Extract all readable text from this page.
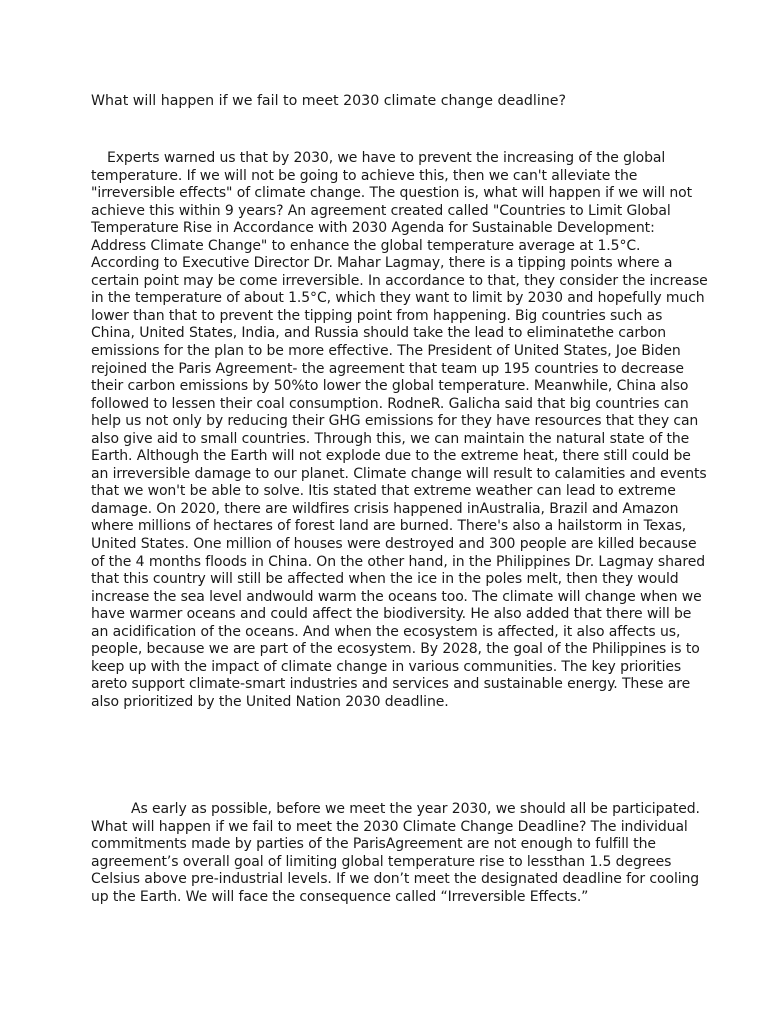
What will happen if we fail to meet 2030 climate change deadline?

Experts warned us that by 2030, we have to prevent the increasing of the global temperature. If we will not be going to achieve this, then we can't alleviate the "irreversible effects" of climate change. The question is, what will happen if we will not achieve this within 9 years? An agreement created called "Countries to Limit Global Temperature Rise in Accordance with 2030 Agenda for Sustainable Development: Address Climate Change" to enhance the global temperature average at 1.5°C. According to Executive Director Dr. Mahar Lagmay, there is a tipping points where a certain point may be come irreversible. In accordance to that, they consider the increase in the temperature of about 1.5°C, which they want to limit by 2030 and hopefully much lower than that to prevent the tipping point from happening. Big countries such as China, United States, India, and Russia should take the lead to eliminatethe carbon emissions for the plan to be more effective. The President of United States, Joe Biden rejoined the Paris Agreement- the agreement that team up 195 countries to decrease their carbon emissions by 50%to lower the global temperature. Meanwhile, China also followed to lessen their coal consumption. RodneR. Galicha said that big countries can help us not only by reducing their GHG emissions for they have resources that they can also give aid to small countries. Through this, we can maintain the natural state of the Earth. Although the Earth will not explode due to the extreme heat, there still could be an irreversible damage to our planet. Climate change will result to calamities and events that we won't be able to solve. Itis stated that extreme weather can lead to extreme damage. On 2020, there are wildfires crisis happened inAustralia, Brazil and Amazon where millions of hectares of forest land are burned. There's also a hailstorm in Texas, United States. One million of houses were destroyed and 300 people are killed because of the 4 months floods in China. On the other hand, in the Philippines Dr. Lagmay shared that this country will still be affected when the ice in the poles melt, then they would increase the sea level andwould warm the oceans too. The climate will change when we have warmer oceans and could affect the biodiversity. He also added that there will be an acidification of the oceans. And when the ecosystem is affected, it also affects us, people, because we are part of the ecosystem. By 2028, the goal of the Philippines is to keep up with the impact of climate change in various communities. The key priorities areto support climate-smart industries and services and sustainable energy. These are also prioritized by the United Nation 2030 deadline.

As early as possible, before we meet the year 2030, we should all be participated. What will happen if we fail to meet the 2030 Climate Change Deadline? The individual commitments made by parties of the ParisAgreement are not enough to fulfill the agreement’s overall goal of limiting global temperature rise to lessthan 1.5 degrees Celsius above pre-industrial levels. If we don’t meet the designated deadline for cooling up the Earth. We will face the consequence called “Irreversible Effects.”
